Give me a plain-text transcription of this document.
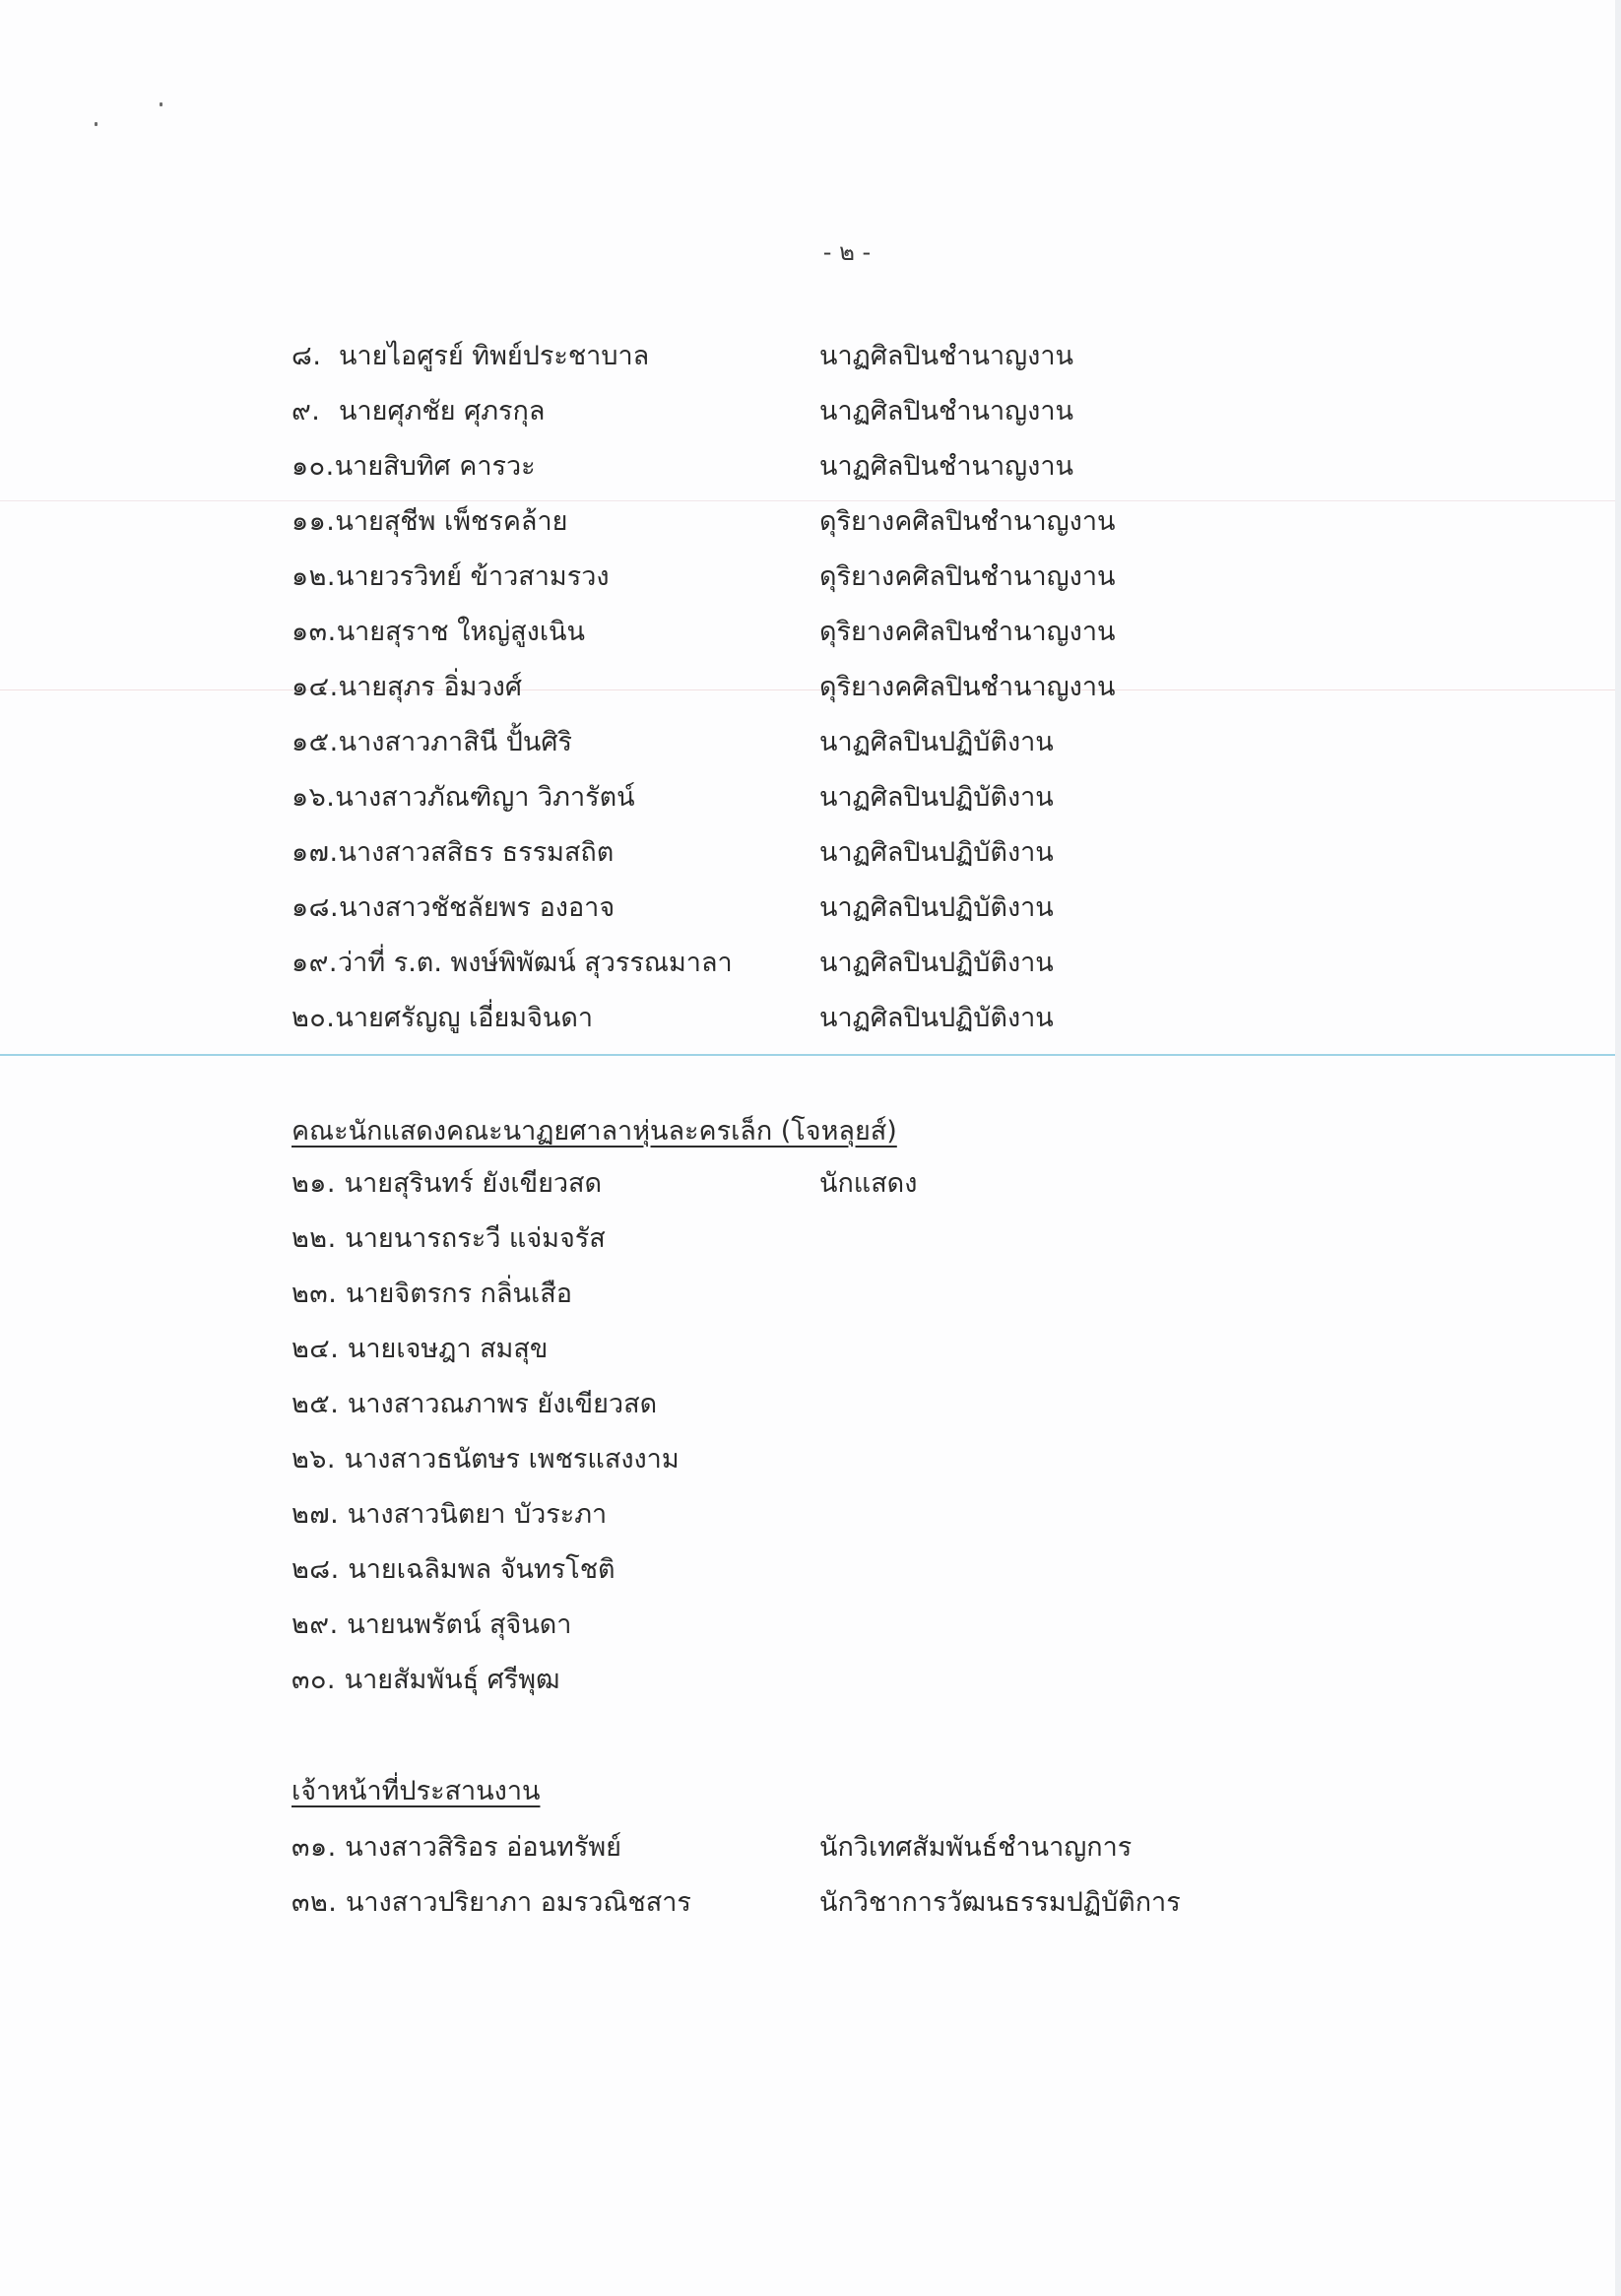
- ๒ -
๘. นายไอศูรย์ ทิพย์ประชาบาล	นาฏศิลปินชำนาญงาน
๙. นายศุภชัย ศุภรกุล	นาฏศิลปินชำนาญงาน
๑๐.นายสิบทิศ คารวะ	นาฏศิลปินชำนาญงาน
๑๑.นายสุชีพ เพ็ชรคล้าย	ดุริยางคศิลปินชำนาญงาน
๑๒.นายวรวิทย์ ข้าวสามรวง	ดุริยางคศิลปินชำนาญงาน
๑๓.นายสุราช ใหญ่สูงเนิน	ดุริยางคศิลปินชำนาญงาน
๑๔.นายสุภร อิ่มวงศ์	ดุริยางคศิลปินชำนาญงาน
๑๕.นางสาวภาสินี ปั้นศิริ	นาฏศิลปินปฏิบัติงาน
๑๖.นางสาวภัณฑิญา วิภารัตน์	นาฏศิลปินปฏิบัติงาน
๑๗.นางสาวสสิธร ธรรมสถิต	นาฏศิลปินปฏิบัติงาน
๑๘.นางสาวชัชลัยพร องอาจ	นาฏศิลปินปฏิบัติงาน
๑๙.ว่าที่ ร.ต. พงษ์พิพัฒน์ สุวรรณมาลา	นาฏศิลปินปฏิบัติงาน
๒๐.นายศรัญญู เอี่ยมจินดา	นาฏศิลปินปฏิบัติงาน
คณะนักแสดงคณะนาฏยศาลาหุ่นละครเล็ก (โจหลุยส์)
๒๑. นายสุรินทร์ ยังเขียวสด	นักแสดง
๒๒. นายนารถระวี แจ่มจรัส
๒๓. นายจิตรกร กลิ่นเสือ
๒๔. นายเจษฎา สมสุข
๒๕. นางสาวณภาพร ยังเขียวสด
๒๖. นางสาวธนัตษร เพชรแสงงาม
๒๗. นางสาวนิตยา บัวระภา
๒๘. นายเฉลิมพล จันทรโชติ
๒๙. นายนพรัตน์ สุจินดา
๓๐. นายสัมพันธุ์ ศรีพุฒ
เจ้าหน้าที่ประสานงาน
๓๑. นางสาวสิริอร อ่อนทรัพย์	นักวิเทศสัมพันธ์ชำนาญการ
๓๒. นางสาวปริยาภา อมรวณิชสาร	นักวิชาการวัฒนธรรมปฏิบัติการ
